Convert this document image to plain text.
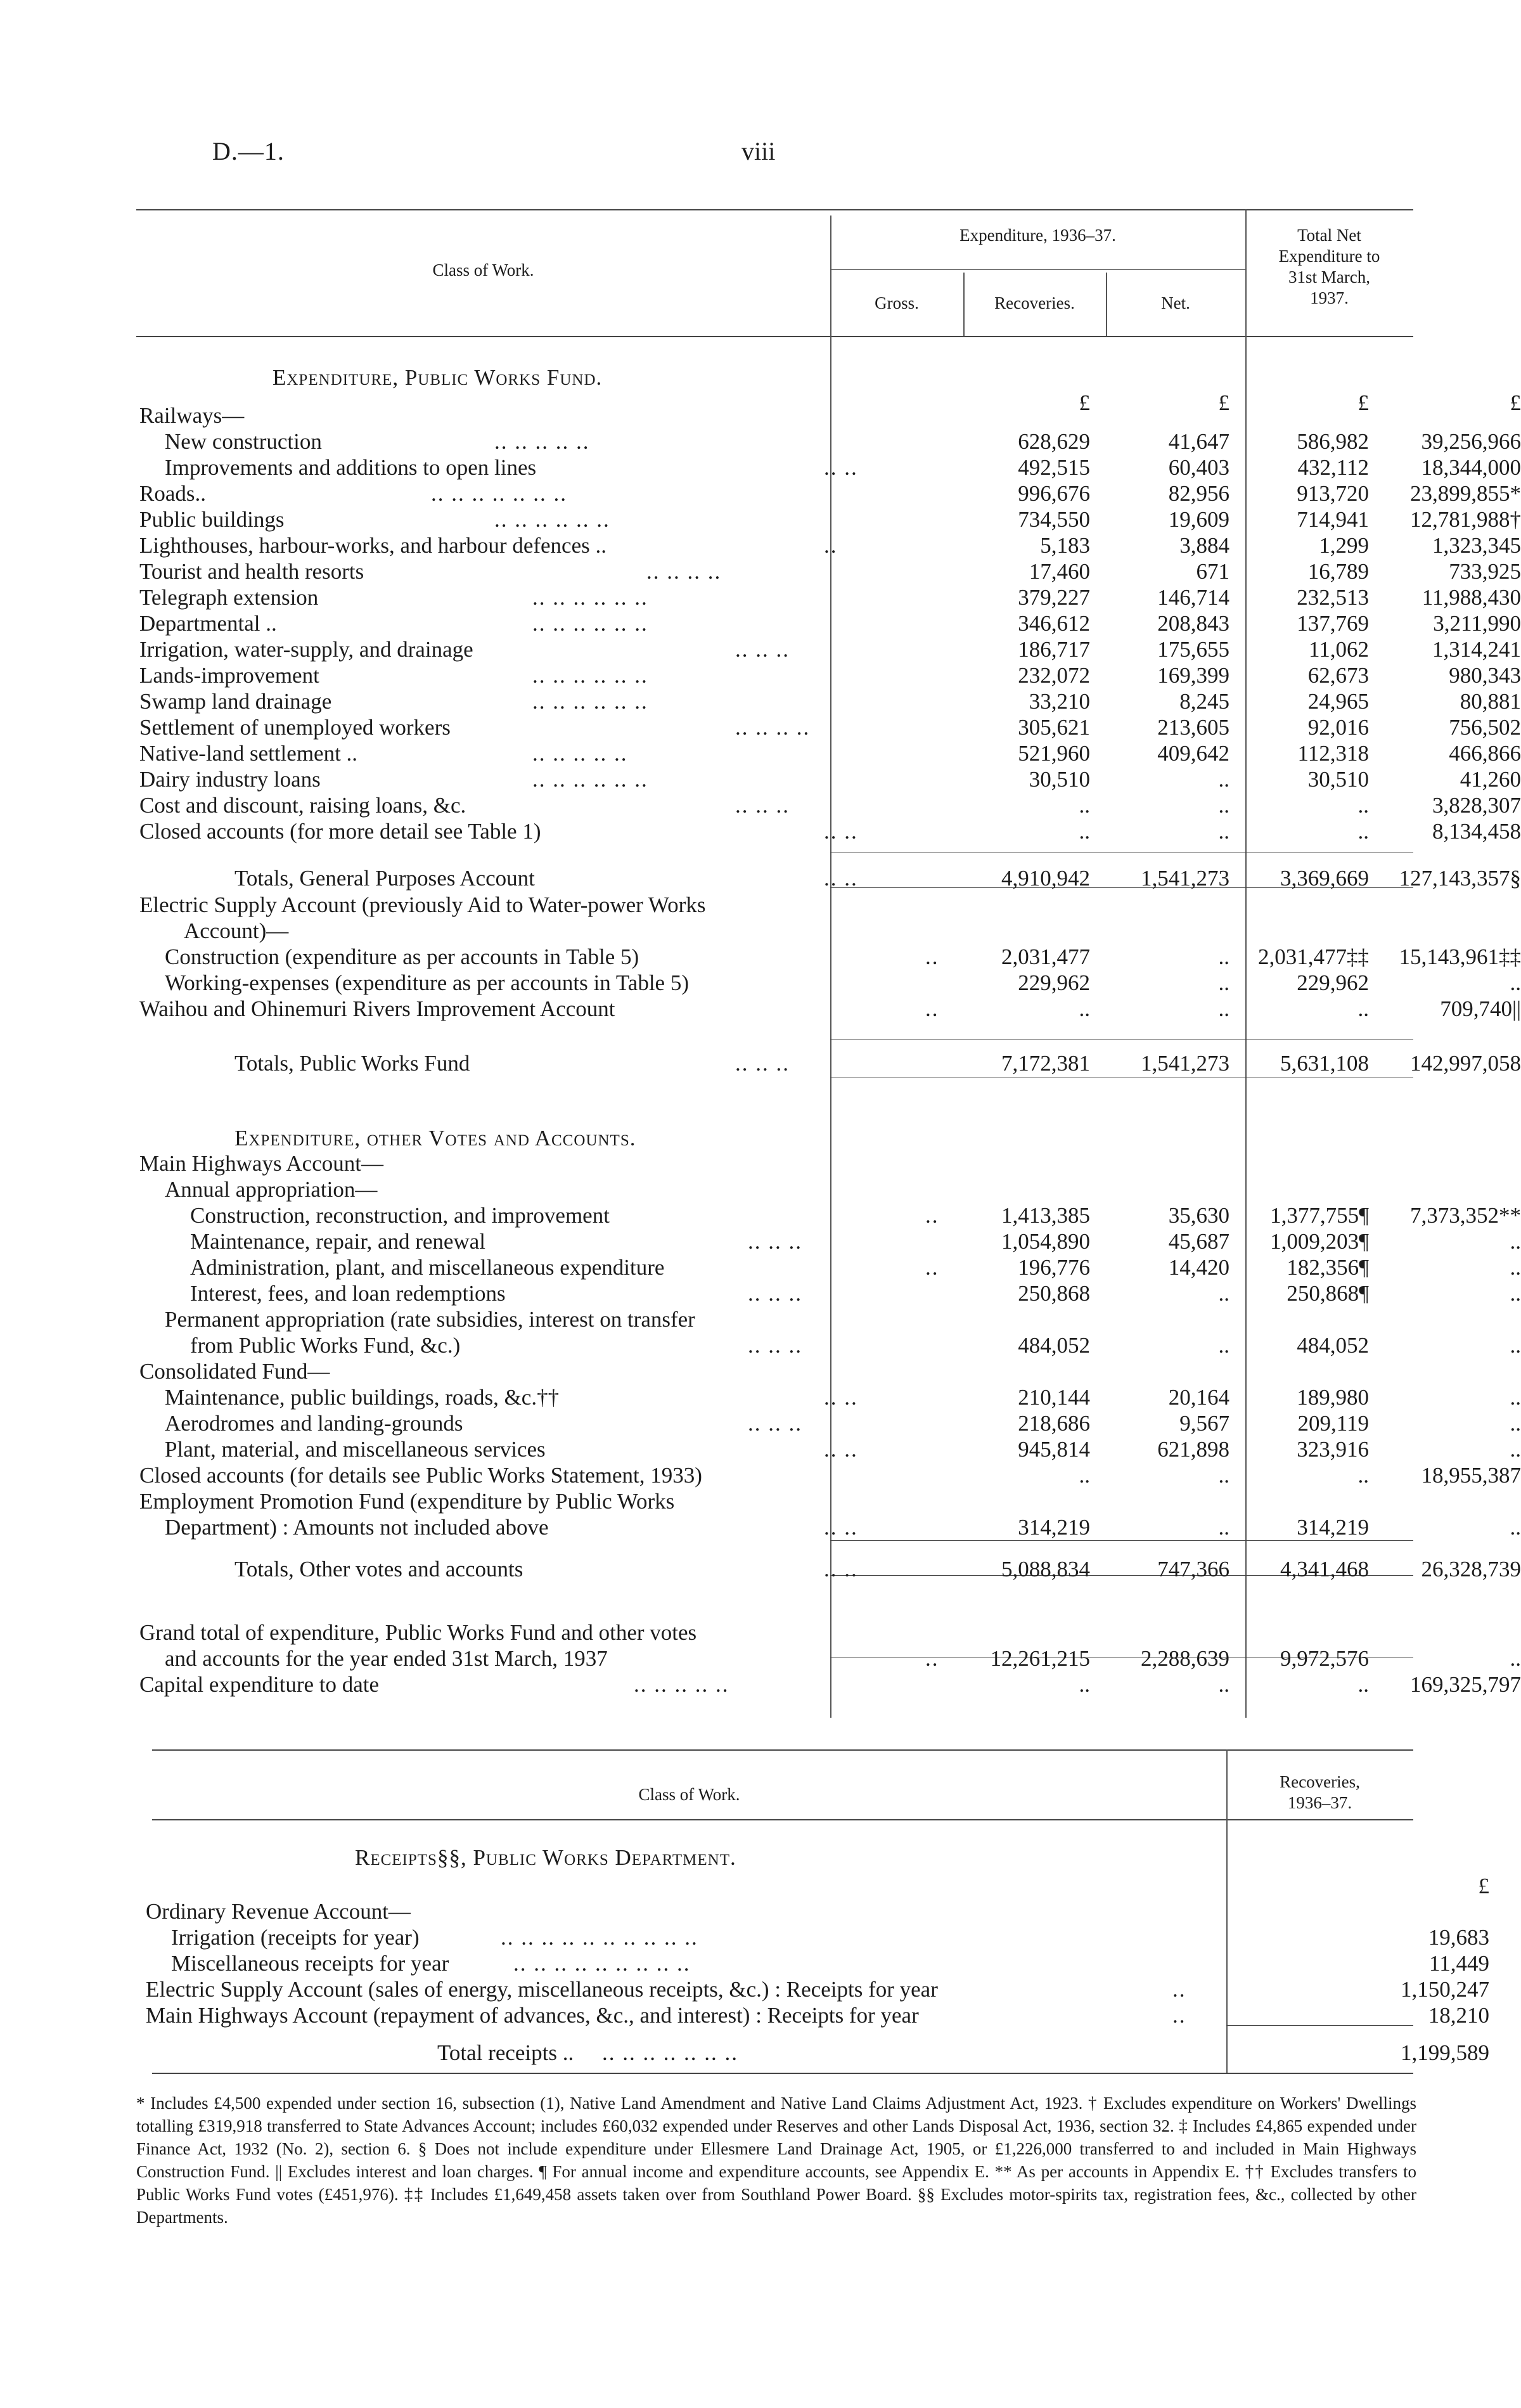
D.—1.	viii
Class of Work.
Expenditure, 1936–37.
Gross.	Recoveries.	Net.
Total Net
Expenditure to
31st March,
1937.
Expenditure, Public Works Fund.
Expenditure, other Votes and Accounts.
£	£	£	£
Railways—
New construction	.. .. .. .. ..	628,629	41,647	586,982	39,256,966
Improvements and additions to open lines	.. ..	492,515	60,403	432,112	18,344,000
Roads..	.. .. .. .. .. .. ..	996,676	82,956	913,720	23,899,855*
Public buildings	.. .. .. .. .. ..	734,550	19,609	714,941	12,781,988†
Lighthouses, harbour-works, and harbour defences ..	..	5,183	3,884	1,299	1,323,345
Tourist and health resorts	.. .. .. ..	17,460	671	16,789	733,925
Telegraph extension	.. .. .. .. .. ..	379,227	146,714	232,513	11,988,430
Departmental ..	.. .. .. .. .. ..	346,612	208,843	137,769	3,211,990
Irrigation, water-supply, and drainage	.. .. ..	186,717	175,655	11,062	1,314,241
Lands-improvement	.. .. .. .. .. ..	232,072	169,399	62,673	980,343
Swamp land drainage	.. .. .. .. .. ..	33,210	8,245	24,965	80,881
Settlement of unemployed workers	.. .. .. ..	305,621	213,605	92,016	756,502
Native-land settlement ..	.. .. .. .. ..	521,960	409,642	112,318	466,866
Dairy industry loans	.. .. .. .. .. ..	30,510	..	30,510	41,260
Cost and discount, raising loans, &c.	.. .. ..	..	..	..	3,828,307
Closed accounts (for more detail see Table 1)	.. ..	..	..	..	8,134,458
Totals, General Purposes Account	.. ..	4,910,942	1,541,273	3,369,669	127,143,357§
Electric Supply Account (previously Aid to Water-power Works
Account)—
Construction (expenditure as per accounts in Table 5)	..	2,031,477	..	2,031,477‡‡	15,143,961‡‡
Working-expenses (expenditure as per accounts in Table 5)	229,962	..	229,962	..
Waihou and Ohinemuri Rivers Improvement Account	..	..	..	..	709,740||
Totals, Public Works Fund	.. .. ..	7,172,381	1,541,273	5,631,108	142,997,058
Main Highways Account—
Annual appropriation—
Construction, reconstruction, and improvement	..	1,413,385	35,630	1,377,755¶	7,373,352**
Maintenance, repair, and renewal	.. .. ..	1,054,890	45,687	1,009,203¶	..
Administration, plant, and miscellaneous expenditure	..	196,776	14,420	182,356¶	..
Interest, fees, and loan redemptions	.. .. ..	250,868	..	250,868¶	..
Permanent appropriation (rate subsidies, interest on transfer
from Public Works Fund, &c.)	.. .. ..	484,052	..	484,052	..
Consolidated Fund—
Maintenance, public buildings, roads, &c.††	.. ..	210,144	20,164	189,980	..
Aerodromes and landing-grounds	.. .. ..	218,686	9,567	209,119	..
Plant, material, and miscellaneous services	.. ..	945,814	621,898	323,916	..
Closed accounts (for details see Public Works Statement, 1933)	..	..	..	18,955,387
Employment Promotion Fund (expenditure by Public Works
Department) : Amounts not included above	.. ..	314,219	..	314,219	..
Totals, Other votes and accounts	.. ..	5,088,834	747,366	4,341,468	26,328,739
Grand total of expenditure, Public Works Fund and other votes
and accounts for the year ended 31st March, 1937	..	12,261,215	2,288,639	9,972,576	..
Capital expenditure to date	.. .. .. .. ..	..	..	..	169,325,797
Class of Work.
Recoveries,
1936–37.
Receipts§§, Public Works Department.
£
Ordinary Revenue Account—
Irrigation (receipts for year)	.. .. .. .. .. .. .. .. .. ..	19,683
Miscellaneous receipts for year	.. .. .. .. .. .. .. .. ..	11,449
Electric Supply Account (sales of energy, miscellaneous receipts, &c.) : Receipts for year	..	1,150,247
Main Highways Account (repayment of advances, &c., and interest) : Receipts for year	..	18,210
Total receipts .. .. .. .. .. .. .. ..	1,199,589
* Includes £4,500 expended under section 16, subsection (1), Native Land Amendment and Native Land Claims Adjustment Act, 1923. † Excludes expenditure on Workers' Dwellings totalling £319,918 transferred to State Advances Account; includes £60,032 expended under Reserves and other Lands Disposal Act, 1936, section 32. ‡ Includes £4,865 expended under Finance Act, 1932 (No. 2), section 6. § Does not include expenditure under Ellesmere Land Drainage Act, 1905, or £1,226,000 transferred to and included in Main Highways Construction Fund. || Excludes interest and loan charges. ¶ For annual income and expenditure accounts, see Appendix E. ** As per accounts in Appendix E. †† Excludes transfers to Public Works Fund votes (£451,976). ‡‡ Includes £1,649,458 assets taken over from Southland Power Board. §§ Excludes motor-spirits tax, registration fees, &c., collected by other Departments.
